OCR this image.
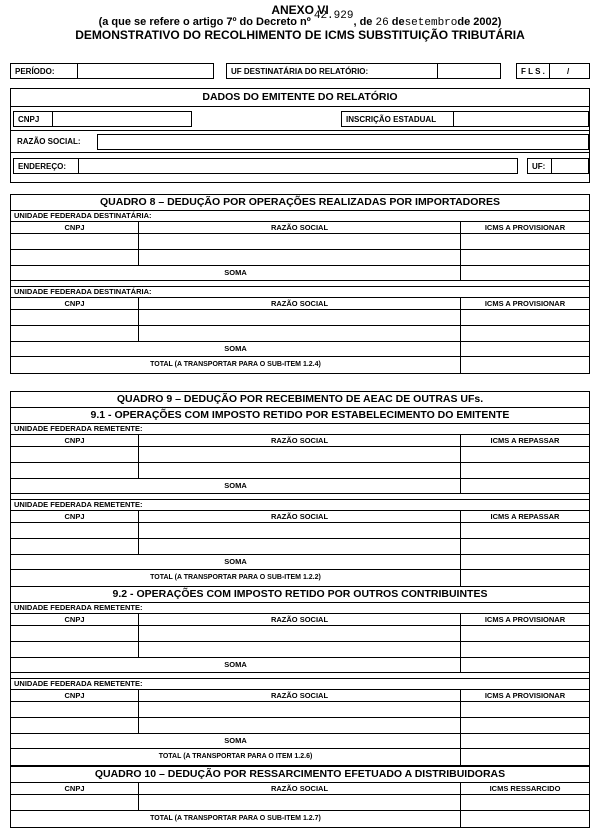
ANEXO VI
(a que se refere o artigo 7º do Decreto nº 42.929, de 26 desetembrode 2002)
DEMONSTRATIVO DO RECOLHIMENTO DE ICMS SUBSTITUIÇÃO TRIBUTÁRIA
PERÍODO:	UF DESTINATÁRIA DO RELATÓRIO:	F L S .	/
DADOS DO EMITENTE DO RELATÓRIO
CNPJ	INSCRIÇÃO ESTADUAL
RAZÃO SOCIAL:
ENDEREÇO:	UF:
QUADRO 8 – DEDUÇÃO POR OPERAÇÕES REALIZADAS POR IMPORTADORES
UNIDADE FEDERADA DESTINATÁRIA:
CNPJ	RAZÃO SOCIAL	ICMS A PROVISIONAR
SOMA
UNIDADE FEDERADA DESTINATÁRIA:
CNPJ	RAZÃO SOCIAL	ICMS A PROVISIONAR
SOMA
TOTAL (A TRANSPORTAR PARA O SUB-ITEM 1.2.4)
QUADRO 9 – DEDUÇÃO POR RECEBIMENTO DE AEAC DE OUTRAS UFs.
9.1 - OPERAÇÕES COM IMPOSTO RETIDO POR ESTABELECIMENTO DO EMITENTE
UNIDADE FEDERADA REMETENTE:
CNPJ	RAZÃO SOCIAL	ICMS A REPASSAR
SOMA
UNIDADE FEDERADA REMETENTE:
CNPJ	RAZÃO SOCIAL	ICMS A REPASSAR
SOMA
TOTAL (A TRANSPORTAR PARA O SUB-ITEM 1.2.2)
9.2 - OPERAÇÕES COM IMPOSTO RETIDO POR OUTROS CONTRIBUINTES
UNIDADE FEDERADA REMETENTE:
CNPJ	RAZÃO SOCIAL	ICMS A PROVISIONAR
SOMA
UNIDADE FEDERADA REMETENTE:
CNPJ	RAZÃO SOCIAL	ICMS A PROVISIONAR
SOMA
TOTAL (A TRANSPORTAR PARA O ITEM 1.2.6)
QUADRO 10 – DEDUÇÃO POR RESSARCIMENTO EFETUADO A DISTRIBUIDORAS
CNPJ	RAZÃO SOCIAL	ICMS RESSARCIDO
TOTAL (A TRANSPORTAR PARA O SUB-ITEM 1.2.7)
